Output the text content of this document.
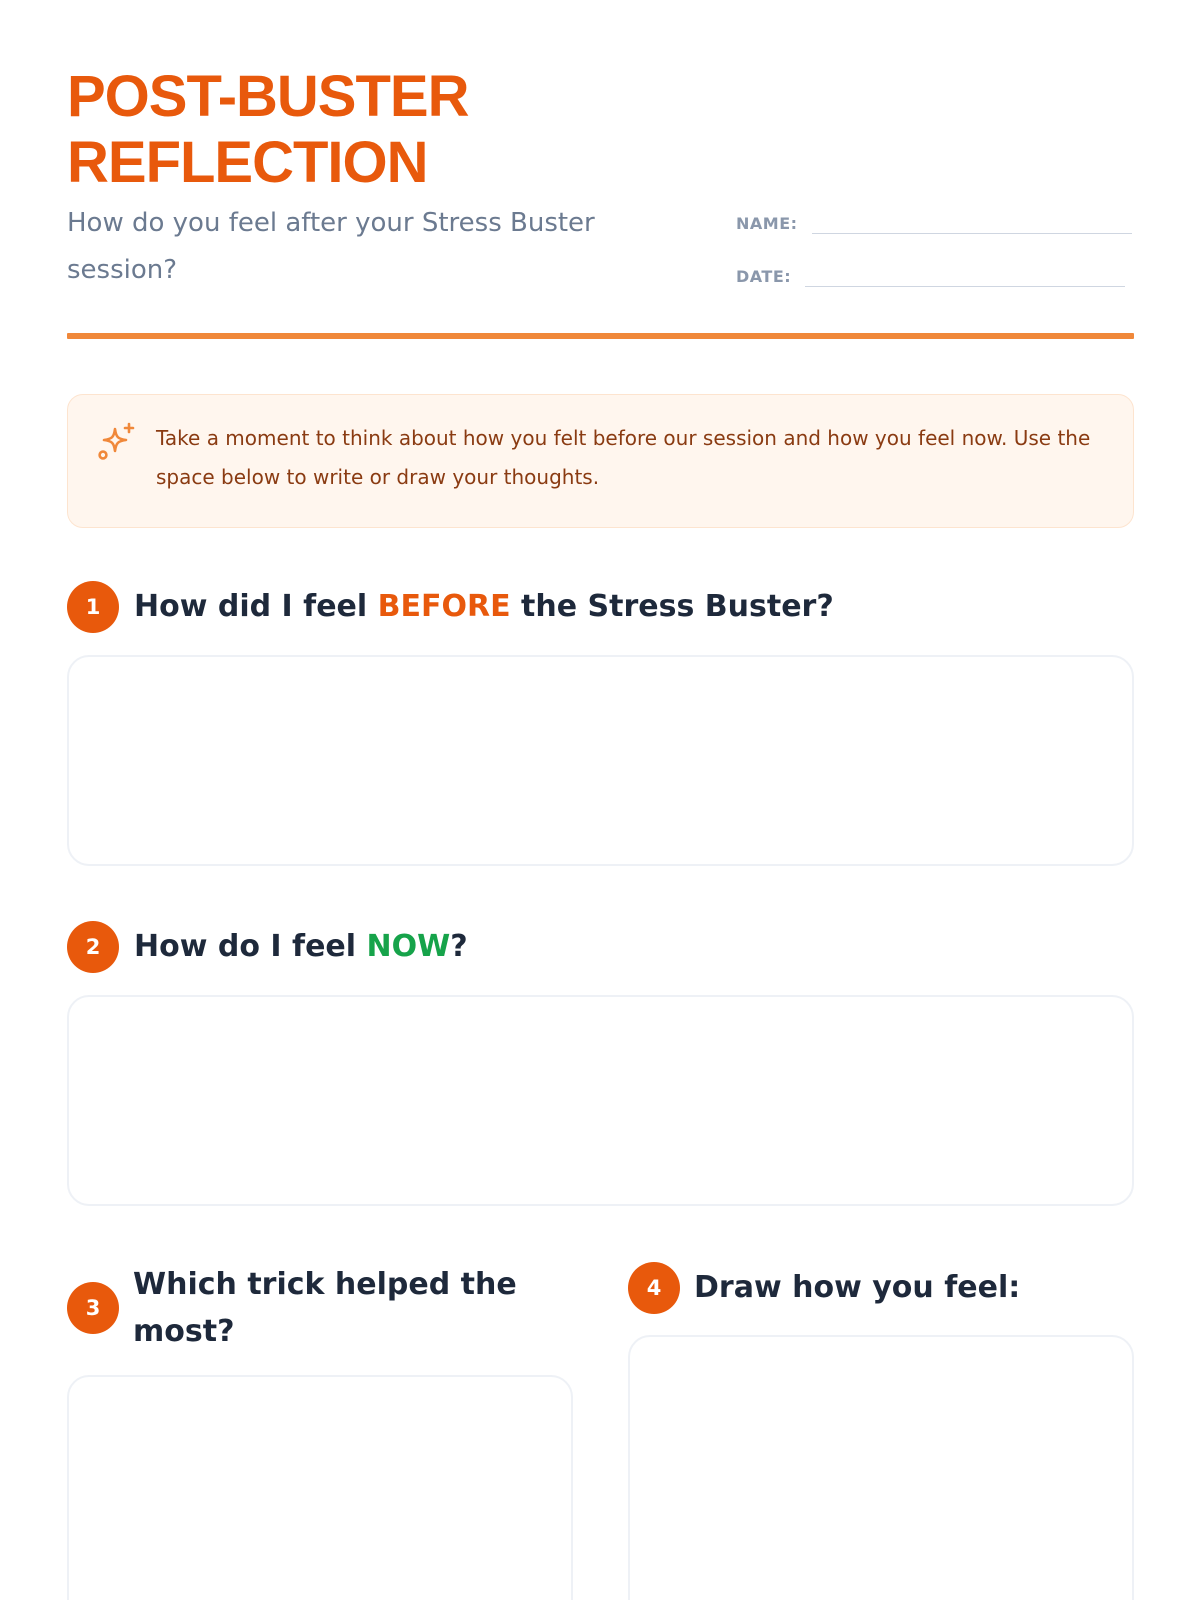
POST-BUSTER
REFLECTION

How do you feel after your Stress Buster session?

NAME:
DATE:

Take a moment to think about how you felt before our session and how you feel now. Use the space below to write or draw your thoughts.

1	How did I feel BEFORE the Stress Buster?
2	How do I feel NOW?
3
Which trick helped the most?
4	Draw how you feel:
